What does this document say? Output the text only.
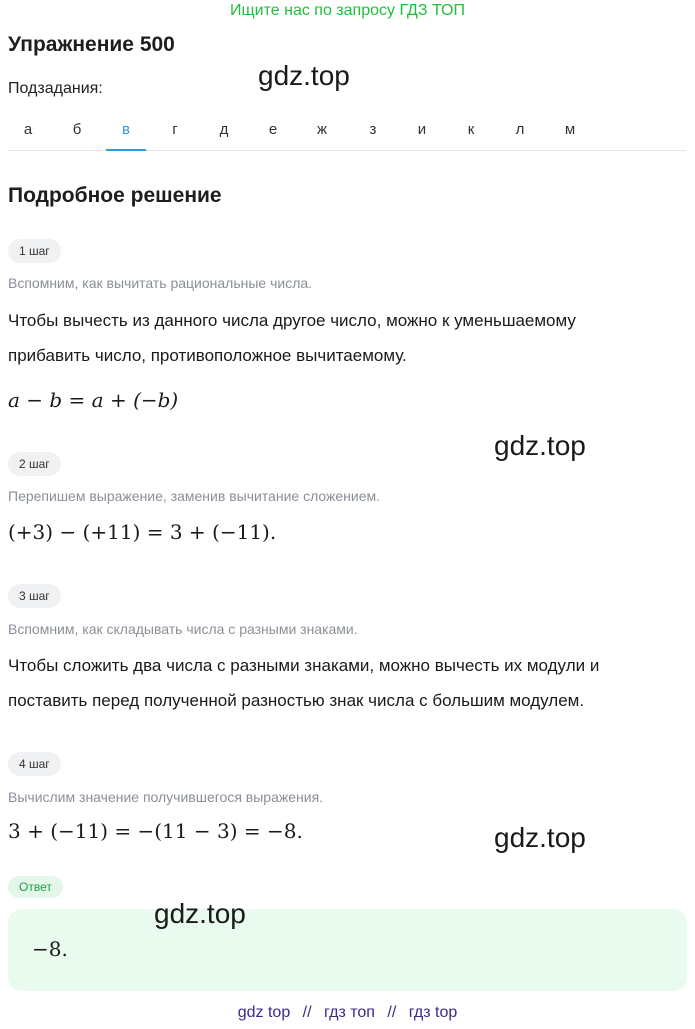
Ищите нас по запросу ГДЗ ТОП
Упражнение 500
gdz.top
Подзадания:
а	б	в	г	д	е	ж	з	и	к	л	м
Подробное решение
1 шаг
Вспомним, как вычитать рациональные числа.
Чтобы вычесть из данного числа другое число, можно к уменьшаемому
прибавить число, противоположное вычитаемому.
a − b = a + (−b)
gdz.top
2 шаг
Перепишем выражение, заменив вычитание сложением.
(+3) − (+11) = 3 + (−11).
3 шаг
Вспомним, как складывать числа с разными знаками.
Чтобы сложить два числа с разными знаками, можно вычесть их модули и
поставить перед полученной разностью знак числа с большим модулем.
4 шаг
Вычислим значение получившегося выражения.
3 + (−11) = −(11 − 3) = −8.	gdz.top
Ответ
−8.
gdz.top
gdz top // гдз топ // гдз top
